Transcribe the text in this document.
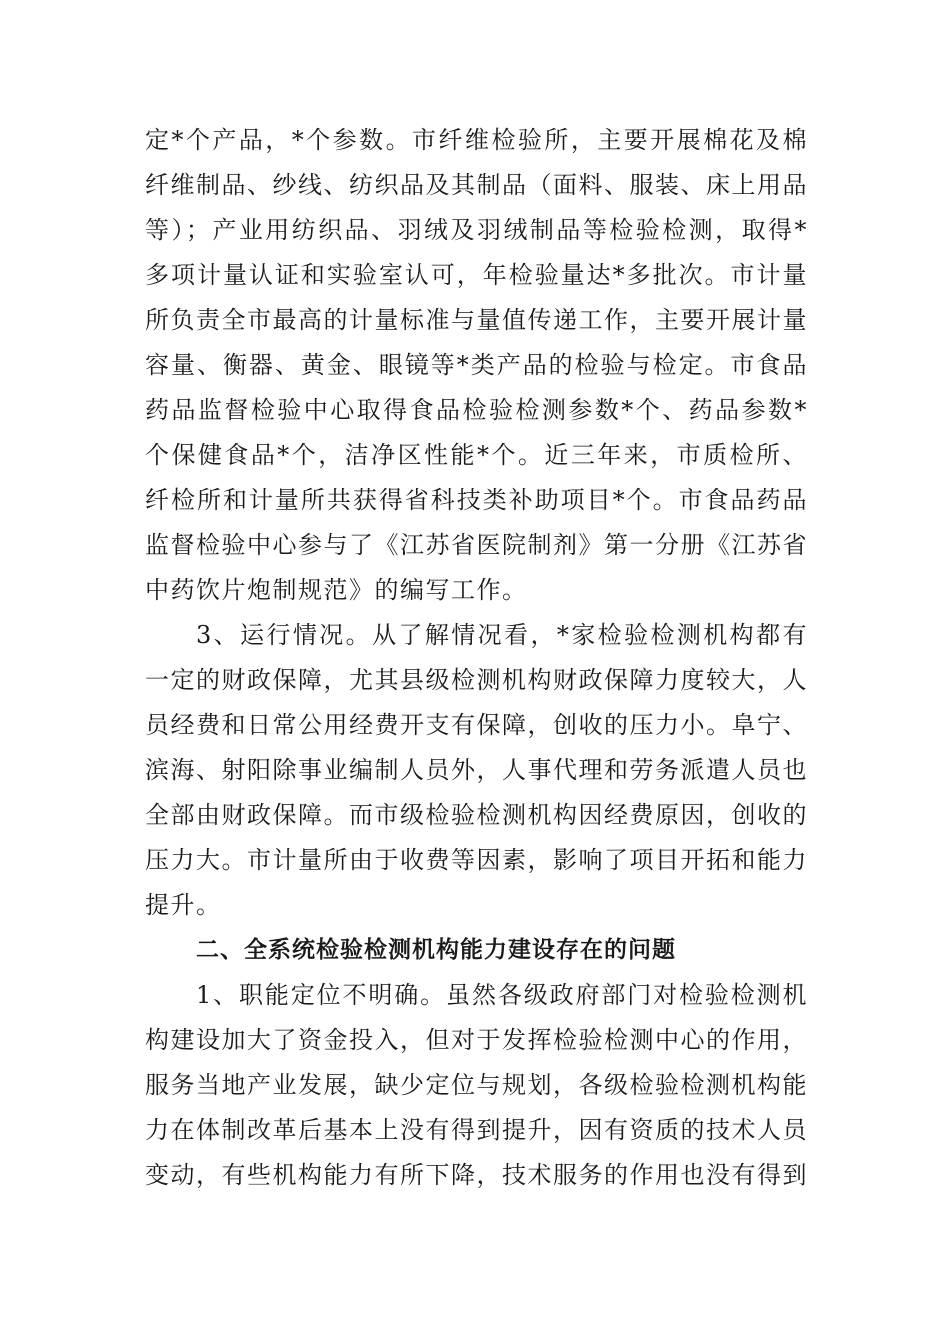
定*个产品，*个参数。市纤维检验所，主要开展棉花及棉纤维制品、纱线、纺织品及其制品（面料、服装、床上用品等）；产业用纺织品、羽绒及羽绒制品等检验检测，取得*多项计量认证和实验室认可，年检验量达*多批次。市计量所负责全市最高的计量标准与量值传递工作，主要开展计量容量、衡器、黄金、眼镜等*类产品的检验与检定。市食品药品监督检验中心取得食品检验检测参数*个、药品参数*个保健食品*个，洁净区性能*个。近三年来，市质检所、纤检所和计量所共获得省科技类补助项目*个。市食品药品监督检验中心参与了《江苏省医院制剂》第一分册《江苏省中药饮片炮制规范》的编写工作。

3、运行情况。从了解情况看，*家检验检测机构都有一定的财政保障，尤其县级检测机构财政保障力度较大，人员经费和日常公用经费开支有保障，创收的压力小。阜宁、滨海、射阳除事业编制人员外，人事代理和劳务派遣人员也全部由财政保障。而市级检验检测机构因经费原因，创收的压力大。市计量所由于收费等因素，影响了项目开拓和能力提升。

二、全系统检验检测机构能力建设存在的问题

1、职能定位不明确。虽然各级政府部门对检验检测机构建设加大了资金投入，但对于发挥检验检测中心的作用，服务当地产业发展，缺少定位与规划，各级检验检测机构能力在体制改革后基本上没有得到提升，因有资质的技术人员变动，有些机构能力有所下降，技术服务的作用也没有得到
